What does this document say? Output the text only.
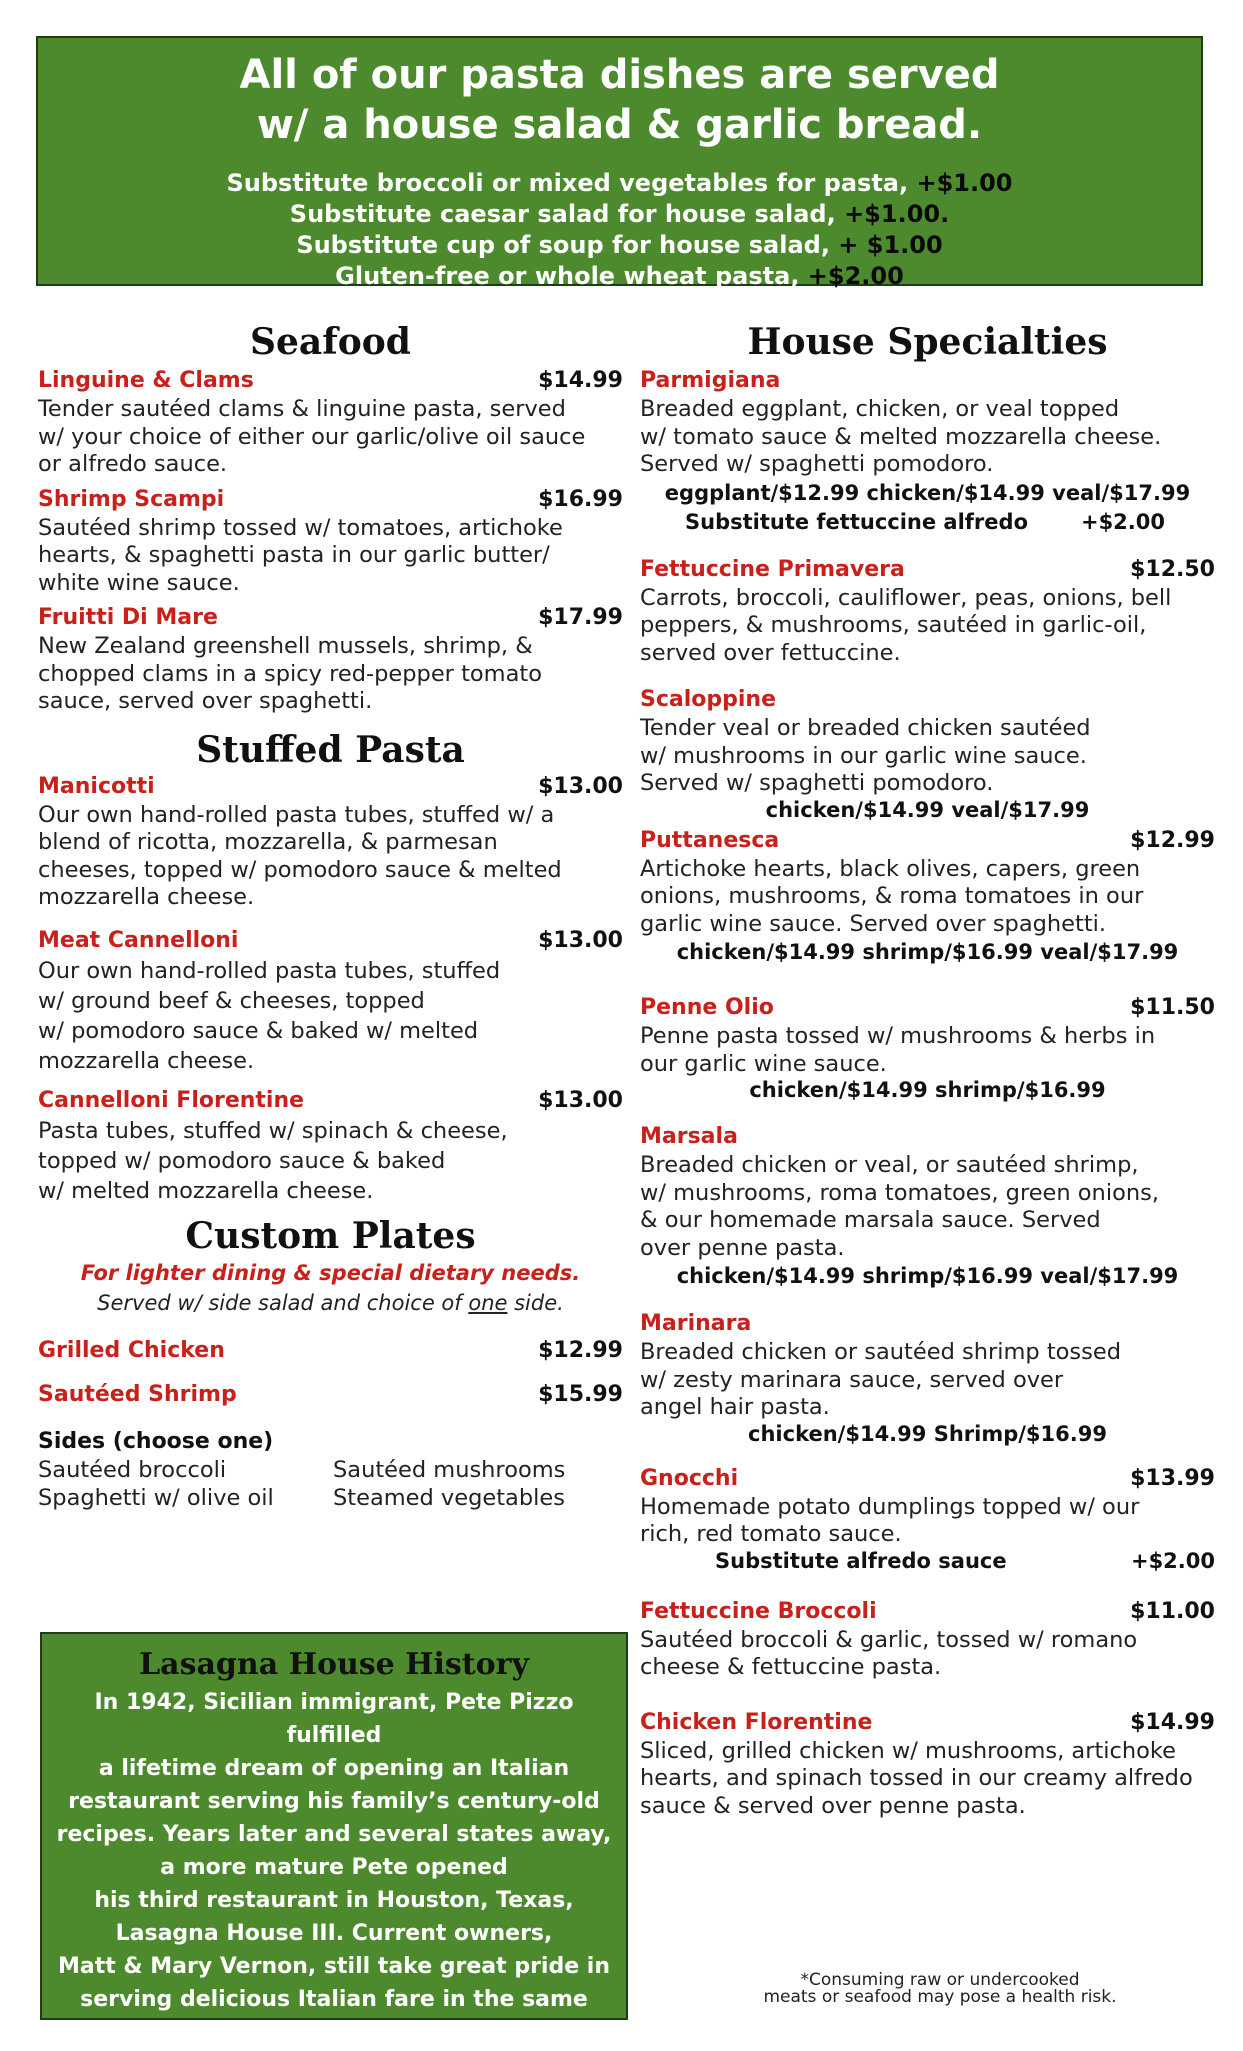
All of our pasta dishes are served
w/ a house salad & garlic bread.
Substitute broccoli or mixed vegetables for pasta, +$1.00
Substitute caesar salad for house salad, +$1.00.
Substitute cup of soup for house salad, + $1.00
Gluten-free or whole wheat pasta, +$2.00
Seafood
Linguine & Clams	$14.99
Tender sautéed clams & linguine pasta, served
w/ your choice of either our garlic/olive oil sauce
or alfredo sauce.
Shrimp Scampi	$16.99
Sautéed shrimp tossed w/ tomatoes, artichoke
hearts, & spaghetti pasta in our garlic butter/
white wine sauce.
Fruitti Di Mare	$17.99
New Zealand greenshell mussels, shrimp, &
chopped clams in a spicy red-pepper tomato
sauce, served over spaghetti.
Stuffed Pasta
Manicotti	$13.00
Our own hand-rolled pasta tubes, stuffed w/ a
blend of ricotta, mozzarella, & parmesan
cheeses, topped w/ pomodoro sauce & melted
mozzarella cheese.
Meat Cannelloni	$13.00
Our own hand-rolled pasta tubes, stuffed
w/ ground beef & cheeses, topped
w/ pomodoro sauce & baked w/ melted
mozzarella cheese.
Cannelloni Florentine	$13.00
Pasta tubes, stuffed w/ spinach & cheese,
topped w/ pomodoro sauce & baked
w/ melted mozzarella cheese.
Custom Plates
For lighter dining & special dietary needs.
Served w/ side salad and choice of one side.
Grilled Chicken	$12.99
Sautéed Shrimp	$15.99
Sides (choose one)
Sautéed broccoli	Sautéed mushrooms
Spaghetti w/ olive oil	Steamed vegetables
Lasagna House History
In 1942, Sicilian immigrant, Pete Pizzo fulfilled
a lifetime dream of opening an Italian
restaurant serving his family’s century-old
recipes. Years later and several states away,
a more mature Pete opened
his third restaurant in Houston, Texas,
Lasagna House III. Current owners,
Matt & Mary Vernon, still take great pride in
serving delicious Italian fare in the same
loving way that Pete did so many years ago.
House Specialties
Parmigiana
Breaded eggplant, chicken, or veal topped
w/ tomato sauce & melted mozzarella cheese.
Served w/ spaghetti pomodoro.
eggplant/$12.99 chicken/$14.99 veal/$17.99
Substitute fettuccine alfredo	+$2.00
Fettuccine Primavera	$12.50
Carrots, broccoli, cauliflower, peas, onions, bell
peppers, & mushrooms, sautéed in garlic-oil,
served over fettuccine.
Scaloppine
Tender veal or breaded chicken sautéed
w/ mushrooms in our garlic wine sauce.
Served w/ spaghetti pomodoro.
chicken/$14.99 veal/$17.99
Puttanesca	$12.99
Artichoke hearts, black olives, capers, green
onions, mushrooms, & roma tomatoes in our
garlic wine sauce. Served over spaghetti.
chicken/$14.99 shrimp/$16.99 veal/$17.99
Penne Olio	$11.50
Penne pasta tossed w/ mushrooms & herbs in
our garlic wine sauce.
chicken/$14.99 shrimp/$16.99
Marsala
Breaded chicken or veal, or sautéed shrimp,
w/ mushrooms, roma tomatoes, green onions,
& our homemade marsala sauce. Served
over penne pasta.
chicken/$14.99 shrimp/$16.99 veal/$17.99
Marinara
Breaded chicken or sautéed shrimp tossed
w/ zesty marinara sauce, served over
angel hair pasta.
chicken/$14.99 Shrimp/$16.99
Gnocchi	$13.99
Homemade potato dumplings topped w/ our
rich, red tomato sauce.
Substitute alfredo sauce	+$2.00
Fettuccine Broccoli	$11.00
Sautéed broccoli & garlic, tossed w/ romano
cheese & fettuccine pasta.
Chicken Florentine	$14.99
Sliced, grilled chicken w/ mushrooms, artichoke
hearts, and spinach tossed in our creamy alfredo
sauce & served over penne pasta.
*Consuming raw or undercooked
meats or seafood may pose a health risk.
